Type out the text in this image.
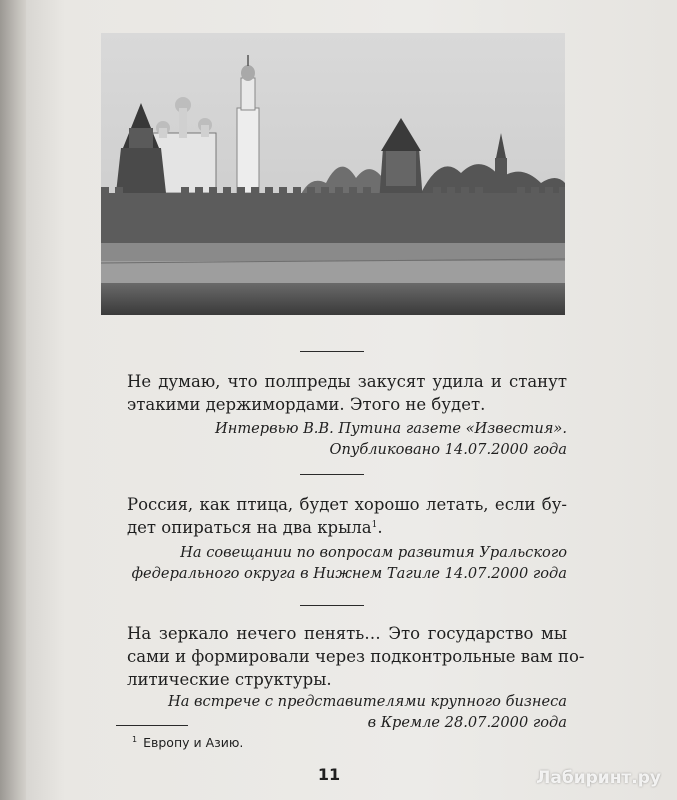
Не думаю, что полпреды закусят удила и станут
этакими держимордами. Этого не будет.
Интервью В.В. Путина газете «Известия».
Опубликовано 14.07.2000 года
Россия, как птица, будет хорошо летать, если бу-
дет опираться на два крыла$^1$.
На совещании по вопросам развития Уральского
федерального округа в Нижнем Тагиле 14.07.2000 года
На зеркало нечего пенять… Это государство мы
сами и формировали через подконтрольные вам по-
литические структуры.
На встрече с представителями крупного бизнеса
в Кремле 28.07.2000 года
$^1$ Европу и Азию.
11	Лабиринт.ру
